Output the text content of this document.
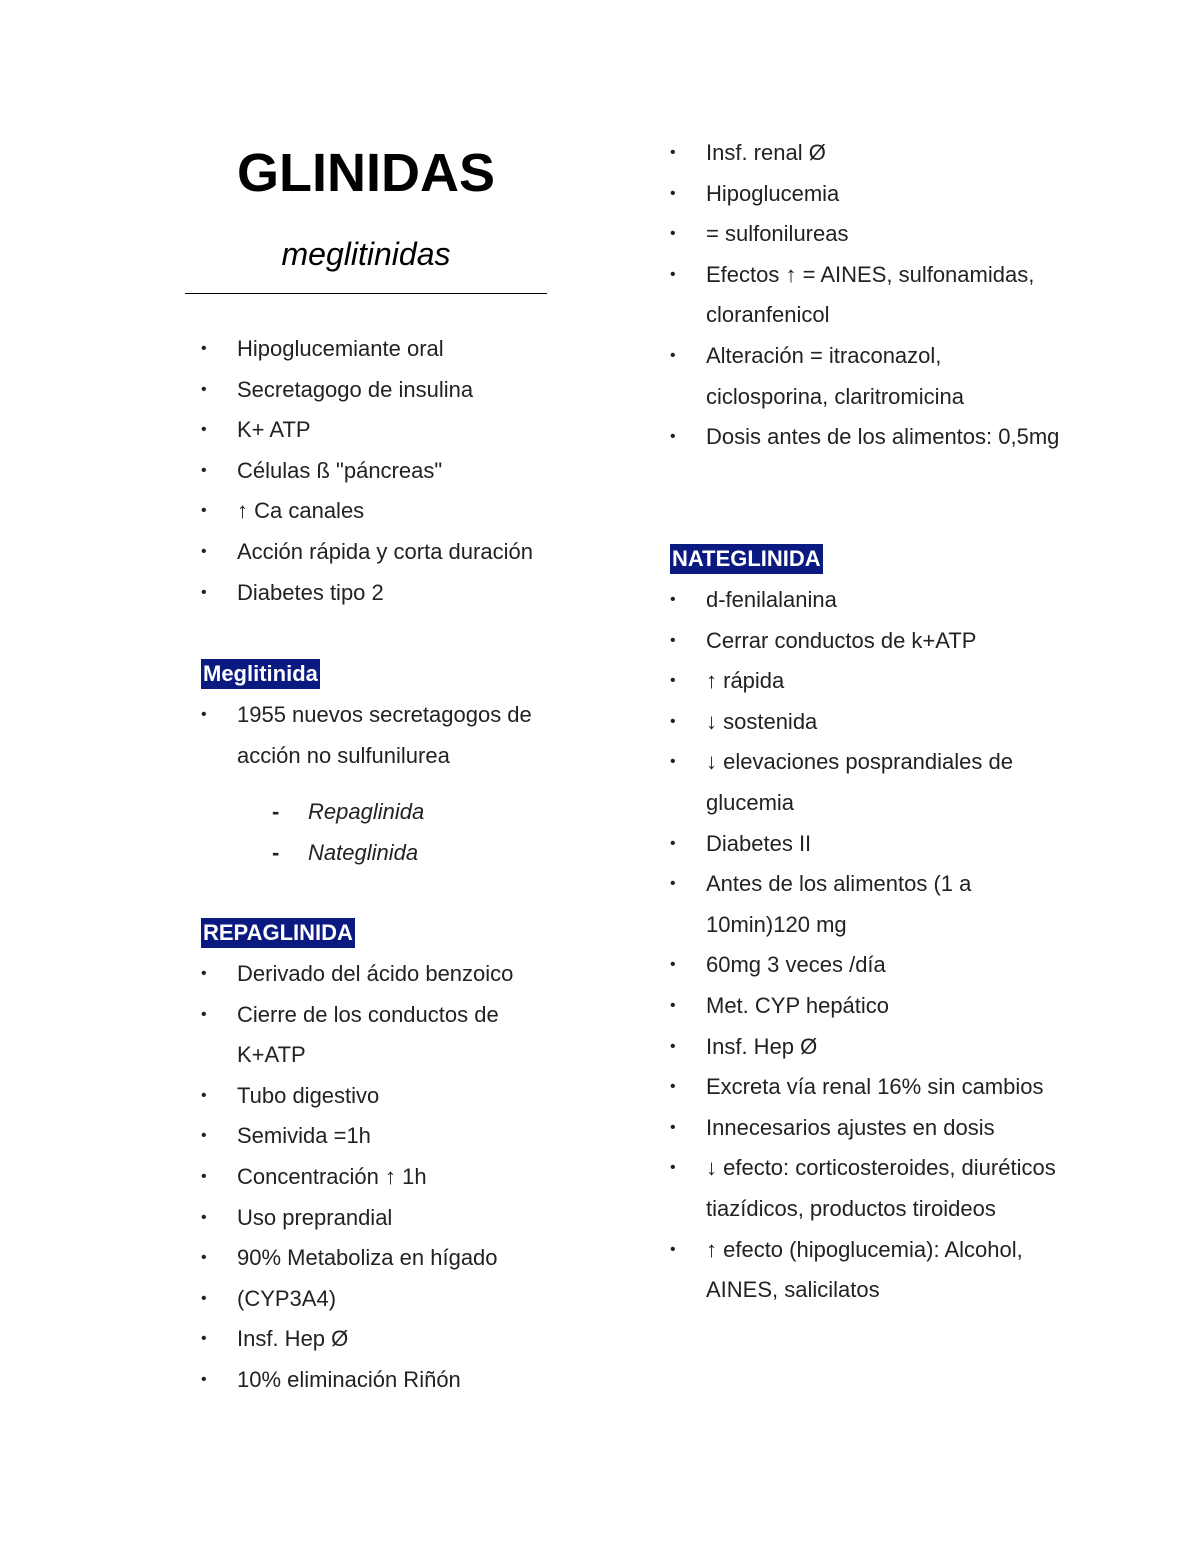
GLINIDAS
meglitinidas
• Hipoglucemiante oral
• Secretagogo de insulina
• K+ ATP
• Células ß "páncreas"
• ↑ Ca canales
• Acción rápida y corta duración
• Diabetes tipo 2
Meglitinida
• 1955 nuevos secretagogos de acción no sulfunilurea
- Repaglinida
- Nateglinida
REPAGLINIDA
• Derivado del ácido benzoico
• Cierre de los conductos de K+ATP
• Tubo digestivo
• Semivida =1h
• Concentración ↑ 1h
• Uso preprandial
• 90% Metaboliza en hígado
• (CYP3A4)
• Insf. Hep Ø
• 10% eliminación Riñón
• Insf. renal Ø
• Hipoglucemia
• = sulfonilureas
• Efectos ↑ = AINES, sulfonamidas, cloranfenicol
• Alteración = itraconazol, ciclosporina, claritromicina
• Dosis antes de los alimentos: 0,5mg
NATEGLINIDA
• d-fenilalanina
• Cerrar conductos de k+ATP
• ↑ rápida
• ↓ sostenida
• ↓ elevaciones posprandiales de glucemia
• Diabetes II
• Antes de los alimentos (1 a 10min)120 mg
• 60mg 3 veces /día
• Met. CYP hepático
• Insf. Hep Ø
• Excreta vía renal 16% sin cambios
• Innecesarios ajustes en dosis
• ↓ efecto: corticosteroides, diuréticos tiazídicos, productos tiroideos
• ↑ efecto (hipoglucemia): Alcohol, AINES, salicilatos
